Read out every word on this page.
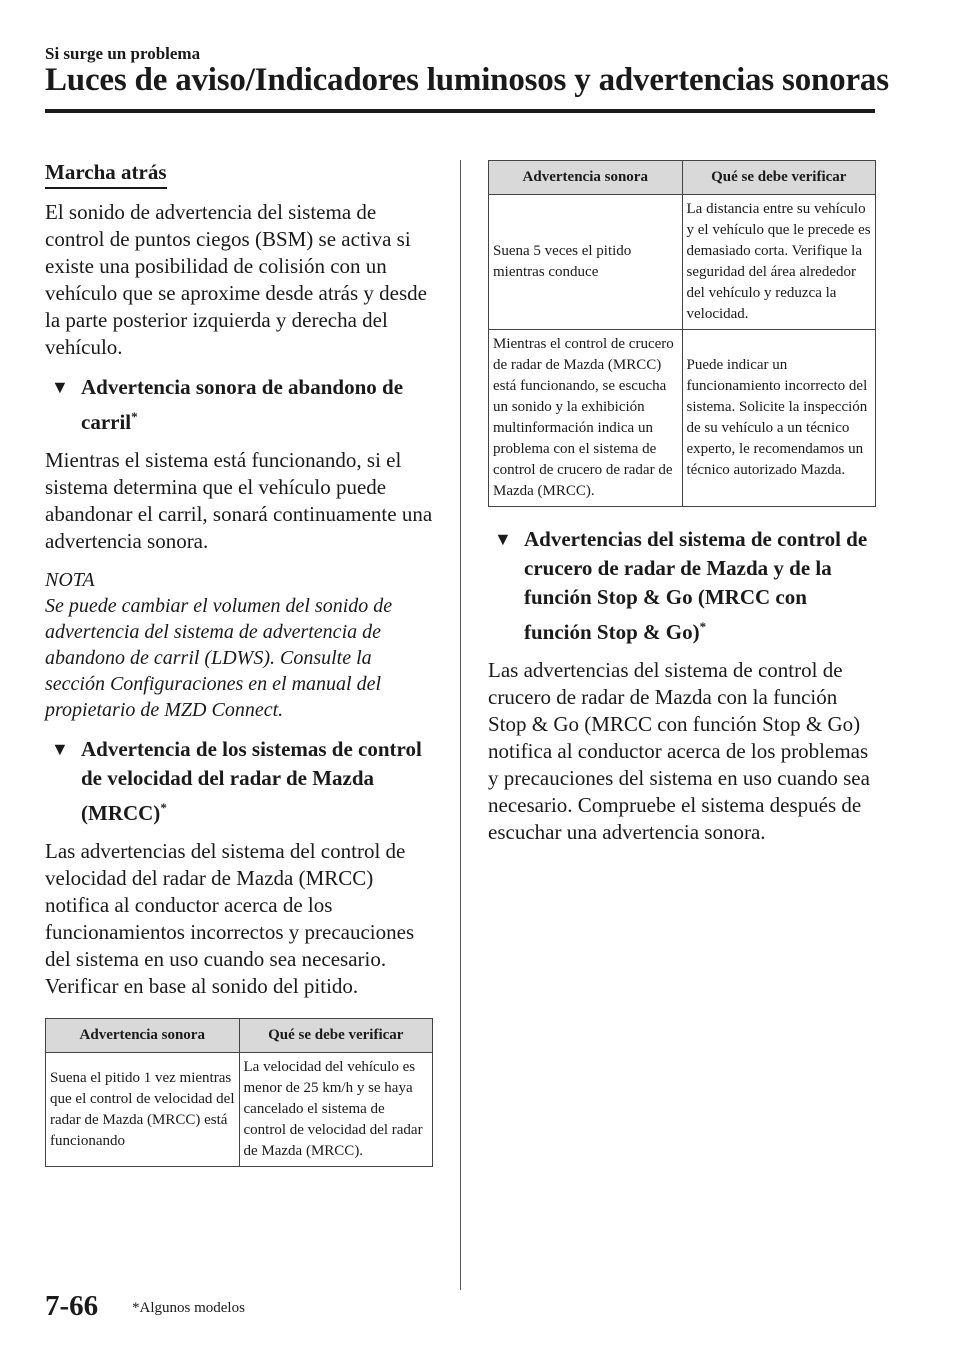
Si surge un problema
Luces de aviso/Indicadores luminosos y advertencias sonoras
Marcha atrás

El sonido de advertencia del sistema de control de puntos ciegos (BSM) se activa si existe una posibilidad de colisión con un vehículo que se aproxime desde atrás y desde la parte posterior izquierda y derecha del vehículo.

▼ Advertencia sonora de abandono de carril*

Mientras el sistema está funcionando, si el sistema determina que el vehículo puede abandonar el carril, sonará continuamente una advertencia sonora.

NOTA

Se puede cambiar el volumen del sonido de advertencia del sistema de advertencia de abandono de carril (LDWS). Consulte la sección Configuraciones en el manual del propietario de MZD Connect.

▼ Advertencia de los sistemas de control de velocidad del radar de Mazda (MRCC)*

Las advertencias del sistema del control de velocidad del radar de Mazda (MRCC) notifica al conductor acerca de los funcionamientos incorrectos y precauciones del sistema en uso cuando sea necesario.

Verificar en base al sonido del pitido.

Advertencia sonora	Qué se debe verificar
Suena el pitido 1 vez mientras que el control de velocidad del radar de Mazda (MRCC) está funcionando	La velocidad del vehículo es menor de 25 km/h y se haya cancelado el sistema de control de velocidad del radar de Mazda (MRCC).
Advertencia sonora	Qué se debe verificar
Suena 5 veces el pitido mientras conduce	La distancia entre su vehículo y el vehículo que le precede es demasiado corta. Verifique la seguridad del área alrededor del vehículo y reduzca la velocidad.
Mientras el control de crucero de radar de Mazda (MRCC) está funcionando, se escucha un sonido y la exhibición multinformación indica un problema con el sistema de control de crucero de radar de Mazda (MRCC).	Puede indicar un funcionamiento incorrecto del sistema. Solicite la inspección de su vehículo a un técnico experto, le recomendamos un técnico autorizado Mazda.
▼ Advertencias del sistema de control de crucero de radar de Mazda y de la función Stop & Go (MRCC con función Stop & Go)*

Las advertencias del sistema de control de crucero de radar de Mazda con la función Stop & Go (MRCC con función Stop & Go) notifica al conductor acerca de los problemas y precauciones del sistema en uso cuando sea necesario. Compruebe el sistema después de escuchar una advertencia sonora.

7-66 *Algunos modelos
